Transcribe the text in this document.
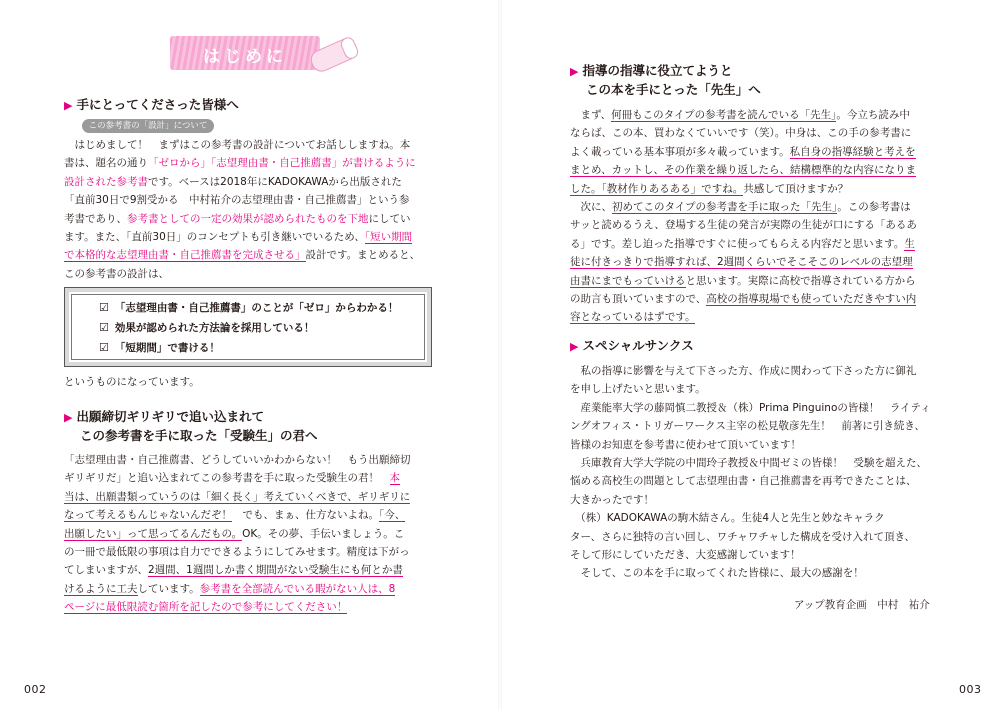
はじめに
▶ 手にとってくださった皆様へ
この参考書の「設計」について

　はじめまして！　まずはこの参考書の設計についてお話ししますね。本
書は、題名の通り「ゼロから」「志望理由書・自己推薦書」が書けるように
設計された参考書です。ベースは2018年にKADOKAWAから出版された
「直前30日で9割受かる　中村祐介の志望理由書・自己推薦書」という参
考書であり、参考書としての一定の効果が認められたものを下地にしてい
ます。また、「直前30日」のコンセプトも引き継いでいるため、「短い期間
で本格的な志望理由書・自己推薦書を完成させる」設計です。まとめると、
この参考書の設計は、

☑ 「志望理由書・自己推薦書」のことが「ゼロ」からわかる！
☑ 効果が認められた方法論を採用している！
☑ 「短期間」で書ける！
というものになっています。
▶ 出願締切ギリギリで追い込まれて
この参考書を手に取った「受験生」の君へ

「志望理由書・自己推薦書、どうしていいかわからない！　もう出願締切
ギリギリだ」と追い込まれてこの参考書を手に取った受験生の君！　本
当は、出願書類っていうのは「細く長く」考えていくべきで、ギリギリに
なって考えるもんじゃないんだぞ！　でも、まぁ、仕方ないよね。「今、
出願したい」って思ってるんだもの。OK。その夢、手伝いましょう。こ
の一冊で最低限の事項は自力でできるようにしてみせます。精度は下がっ
てしまいますが、2週間、1週間しか書く期間がない受験生にも何とか書
けるように工夫しています。参考書を全部読んでいる暇がない人は、8
ページに最低限読む箇所を記したので参考にしてください！

002
▶ 指導の指導に役立てようと
この本を手にとった「先生」へ

　まず、何冊もこのタイプの参考書を読んでいる「先生」。今立ち読み中
ならば、この本、買わなくていいです（笑）。中身は、この手の参考書に
よく載っている基本事項が多々載っています。私自身の指導経験と考えを
まとめ、カットし、その作業を繰り返したら、結構標準的な内容になりま
した。「教材作りあるある」ですね。共感して頂けますか？
　次に、初めてこのタイプの参考書を手に取った「先生」。この参考書は
サッと読めるうえ、登場する生徒の発言が実際の生徒が口にする「あるあ
る」です。差し迫った指導ですぐに使ってもらえる内容だと思います。生
徒に付きっきりで指導すれば、2週間くらいでそこそこのレベルの志望理
由書にまでもっていけると思います。実際に高校で指導されている方から
の助言も頂いていますので、高校の指導現場でも使っていただきやすい内
容となっているはずです。

▶ スペシャルサンクス

　私の指導に影響を与えて下さった方、作成に関わって下さった方に御礼
を申し上げたいと思います。
　産業能率大学の藤岡慎二教授＆（株）Prima Pinguinoの皆様！　ライティ
ングオフィス・トリガーワークス主宰の松見敬彦先生！　前著に引き続き、
皆様のお知恵を参考書に使わせて頂いています！
　兵庫教育大学大学院の中間玲子教授＆中間ゼミの皆様！　受験を超えた、
悩める高校生の問題として志望理由書・自己推薦書を再考できたことは、
大きかったです！
　（株）KADOKAWAの駒木結さん。生徒4人と先生と妙なキャラク
ター、さらに独特の言い回し、ワチャワチャした構成を受け入れて頂き、
そして形にしていただき、大変感謝しています！
　そして、この本を手に取ってくれた皆様に、最大の感謝を！

アップ教育企画　中村　祐介
003
